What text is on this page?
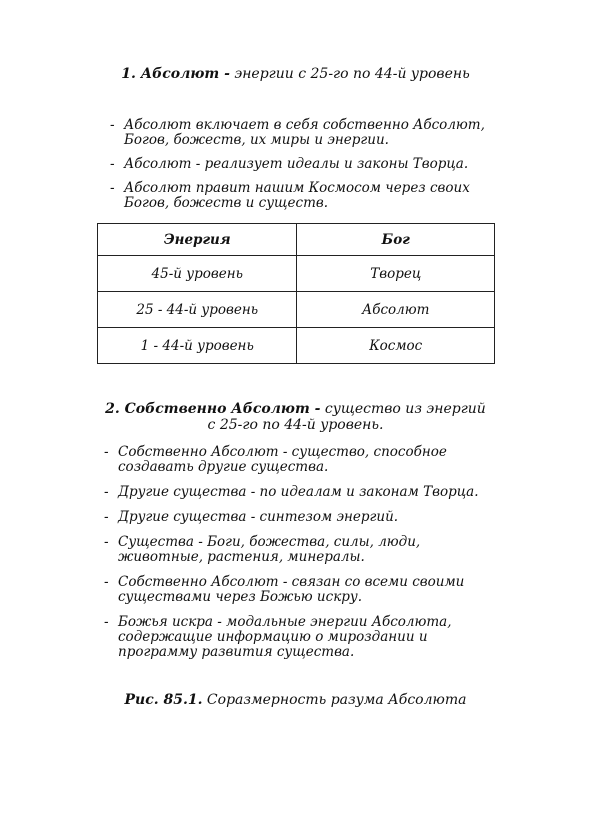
1. Абсолют - энергии с 25-го по 44-й уровень
- Абсолют включает в себя собственно Абсолют, Богов, божеств, их миры и энергии.
- Абсолют - реализует идеалы и законы Творца.
- Абсолют правит нашим Космосом через своих Богов, божеств и существ.
Энергия	Бог
45-й уровень	Творец
25 - 44-й уровень	Абсолют
1 - 44-й уровень	Космос
2. Собственно Абсолют - существо из энергий
с 25-го по 44-й уровень.
- Собственно Абсолют - существо, способное создавать другие существа.
- Другие существа - по идеалам и законам Творца.
- Другие существа - синтезом энергий.
- Существа - Боги, божества, силы, люди, животные, растения, минералы.
- Собственно Абсолют - связан со всеми своими существами через Божью искру.
- Божья искра - модальные энергии Абсолюта, содержащие информацию о мироздании и программу развития существа.
Рис. 85.1. Соразмерность разума Абсолюта
